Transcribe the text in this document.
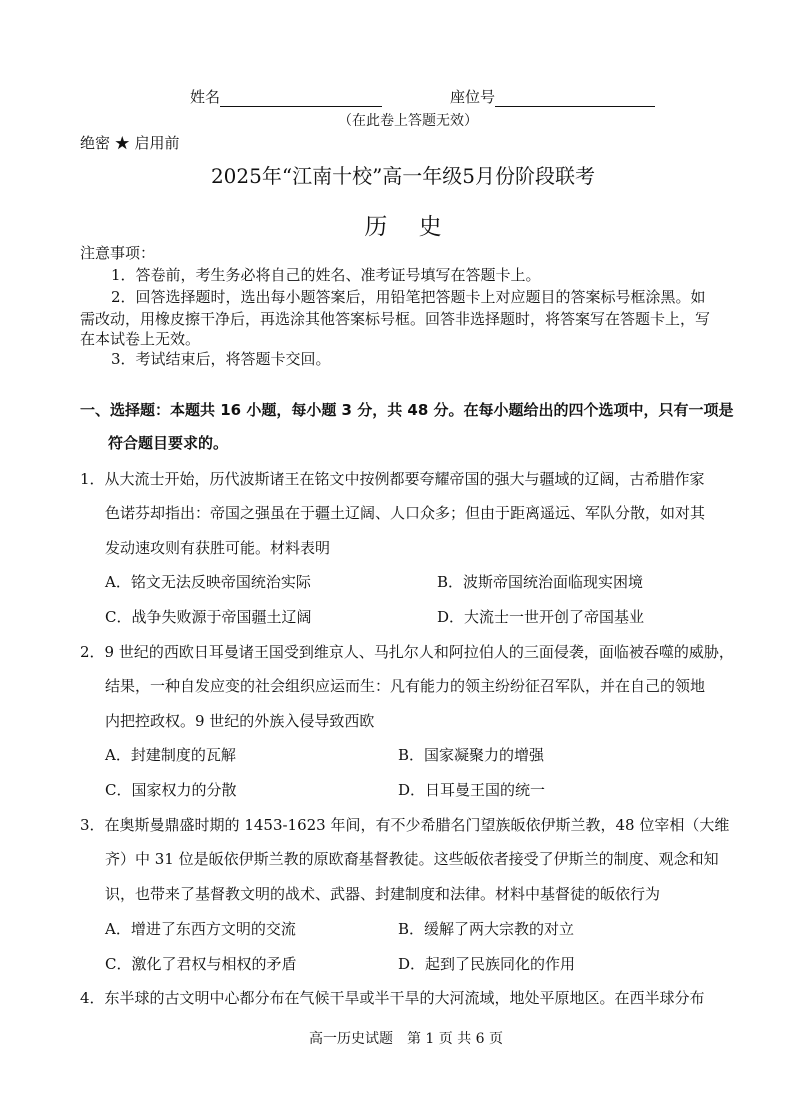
姓名	座位号
（在此卷上答题无效）
绝密 ★ 启用前
2025年“江南十校”高一年级5月份阶段联考
历 史
注意事项：
1．答卷前，考生务必将自己的姓名、准考证号填写在答题卡上。
2．回答选择题时，选出每小题答案后，用铅笔把答题卡上对应题目的答案标号框涂黑。如
需改动，用橡皮擦干净后，再选涂其他答案标号框。回答非选择题时，将答案写在答题卡上，写
在本试卷上无效。
3．考试结束后，将答题卡交回。
一、选择题：本题共 16 小题，每小题 3 分，共 48 分。在每小题给出的四个选项中，只有一项是
符合题目要求的。
1．从大流士开始，历代波斯诸王在铭文中按例都要夸耀帝国的强大与疆域的辽阔，古希腊作家
色诺芬却指出：帝国之强虽在于疆土辽阔、人口众多；但由于距离遥远、军队分散，如对其
发动速攻则有获胜可能。材料表明
A．铭文无法反映帝国统治实际	B．波斯帝国统治面临现实困境
C．战争失败源于帝国疆土辽阔	D．大流士一世开创了帝国基业
2．9 世纪的西欧日耳曼诸王国受到维京人、马扎尔人和阿拉伯人的三面侵袭，面临被吞噬的威胁，
结果，一种自发应变的社会组织应运而生：凡有能力的领主纷纷征召军队，并在自己的领地
内把控政权。9 世纪的外族入侵导致西欧
A．封建制度的瓦解	B．国家凝聚力的增强
C．国家权力的分散	D．日耳曼王国的统一
3．在奥斯曼鼎盛时期的 1453-1623 年间，有不少希腊名门望族皈依伊斯兰教，48 位宰相（大维
齐）中 31 位是皈依伊斯兰教的原欧裔基督教徒。这些皈依者接受了伊斯兰的制度、观念和知
识，也带来了基督教文明的战术、武器、封建制度和法律。材料中基督徒的皈依行为
A．增进了东西方文明的交流	B．缓解了两大宗教的对立
C．激化了君权与相权的矛盾	D．起到了民族同化的作用
4．东半球的古文明中心都分布在气候干旱或半干旱的大河流域，地处平原地区。在西半球分布
高一历史试题　第 1 页 共 6 页
